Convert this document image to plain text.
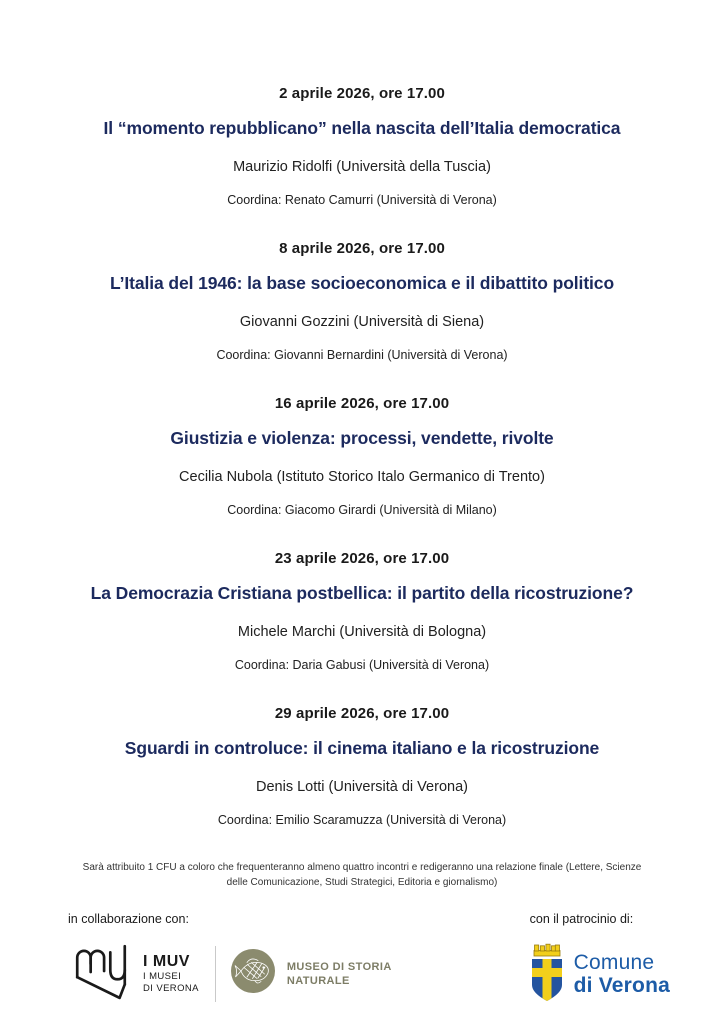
2 aprile 2026, ore 17.00
Il “momento repubblicano” nella nascita dell’Italia democratica
Maurizio Ridolfi (Università della Tuscia)
Coordina: Renato Camurri (Università di Verona)
8 aprile 2026, ore 17.00
L’Italia del 1946: la base socioeconomica e il dibattito politico
Giovanni Gozzini (Università di Siena)
Coordina: Giovanni Bernardini (Università di Verona)
16 aprile 2026, ore 17.00
Giustizia e violenza: processi, vendette, rivolte
Cecilia Nubola (Istituto Storico Italo Germanico di Trento)
Coordina: Giacomo Girardi (Università di Milano)
23 aprile 2026, ore 17.00
La Democrazia Cristiana postbellica: il partito della ricostruzione?
Michele Marchi (Università di Bologna)
Coordina: Daria Gabusi (Università di Verona)
29 aprile 2026, ore 17.00
Sguardi in controluce: il cinema italiano e la ricostruzione
Denis Lotti (Università di Verona)
Coordina: Emilio Scaramuzza (Università di Verona)
Sarà attribuito 1 CFU a coloro che frequenteranno almeno quattro incontri e redigeranno una relazione finale (Lettere, Scienze delle Comunicazione, Studi Strategici, Editoria e giornalismo)
in collaborazione con:
I MUV
I MUSEI
DI VERONA
MUSEO DI STORIA
NATURALE
con il patrocinio di:
Comune
di Verona
